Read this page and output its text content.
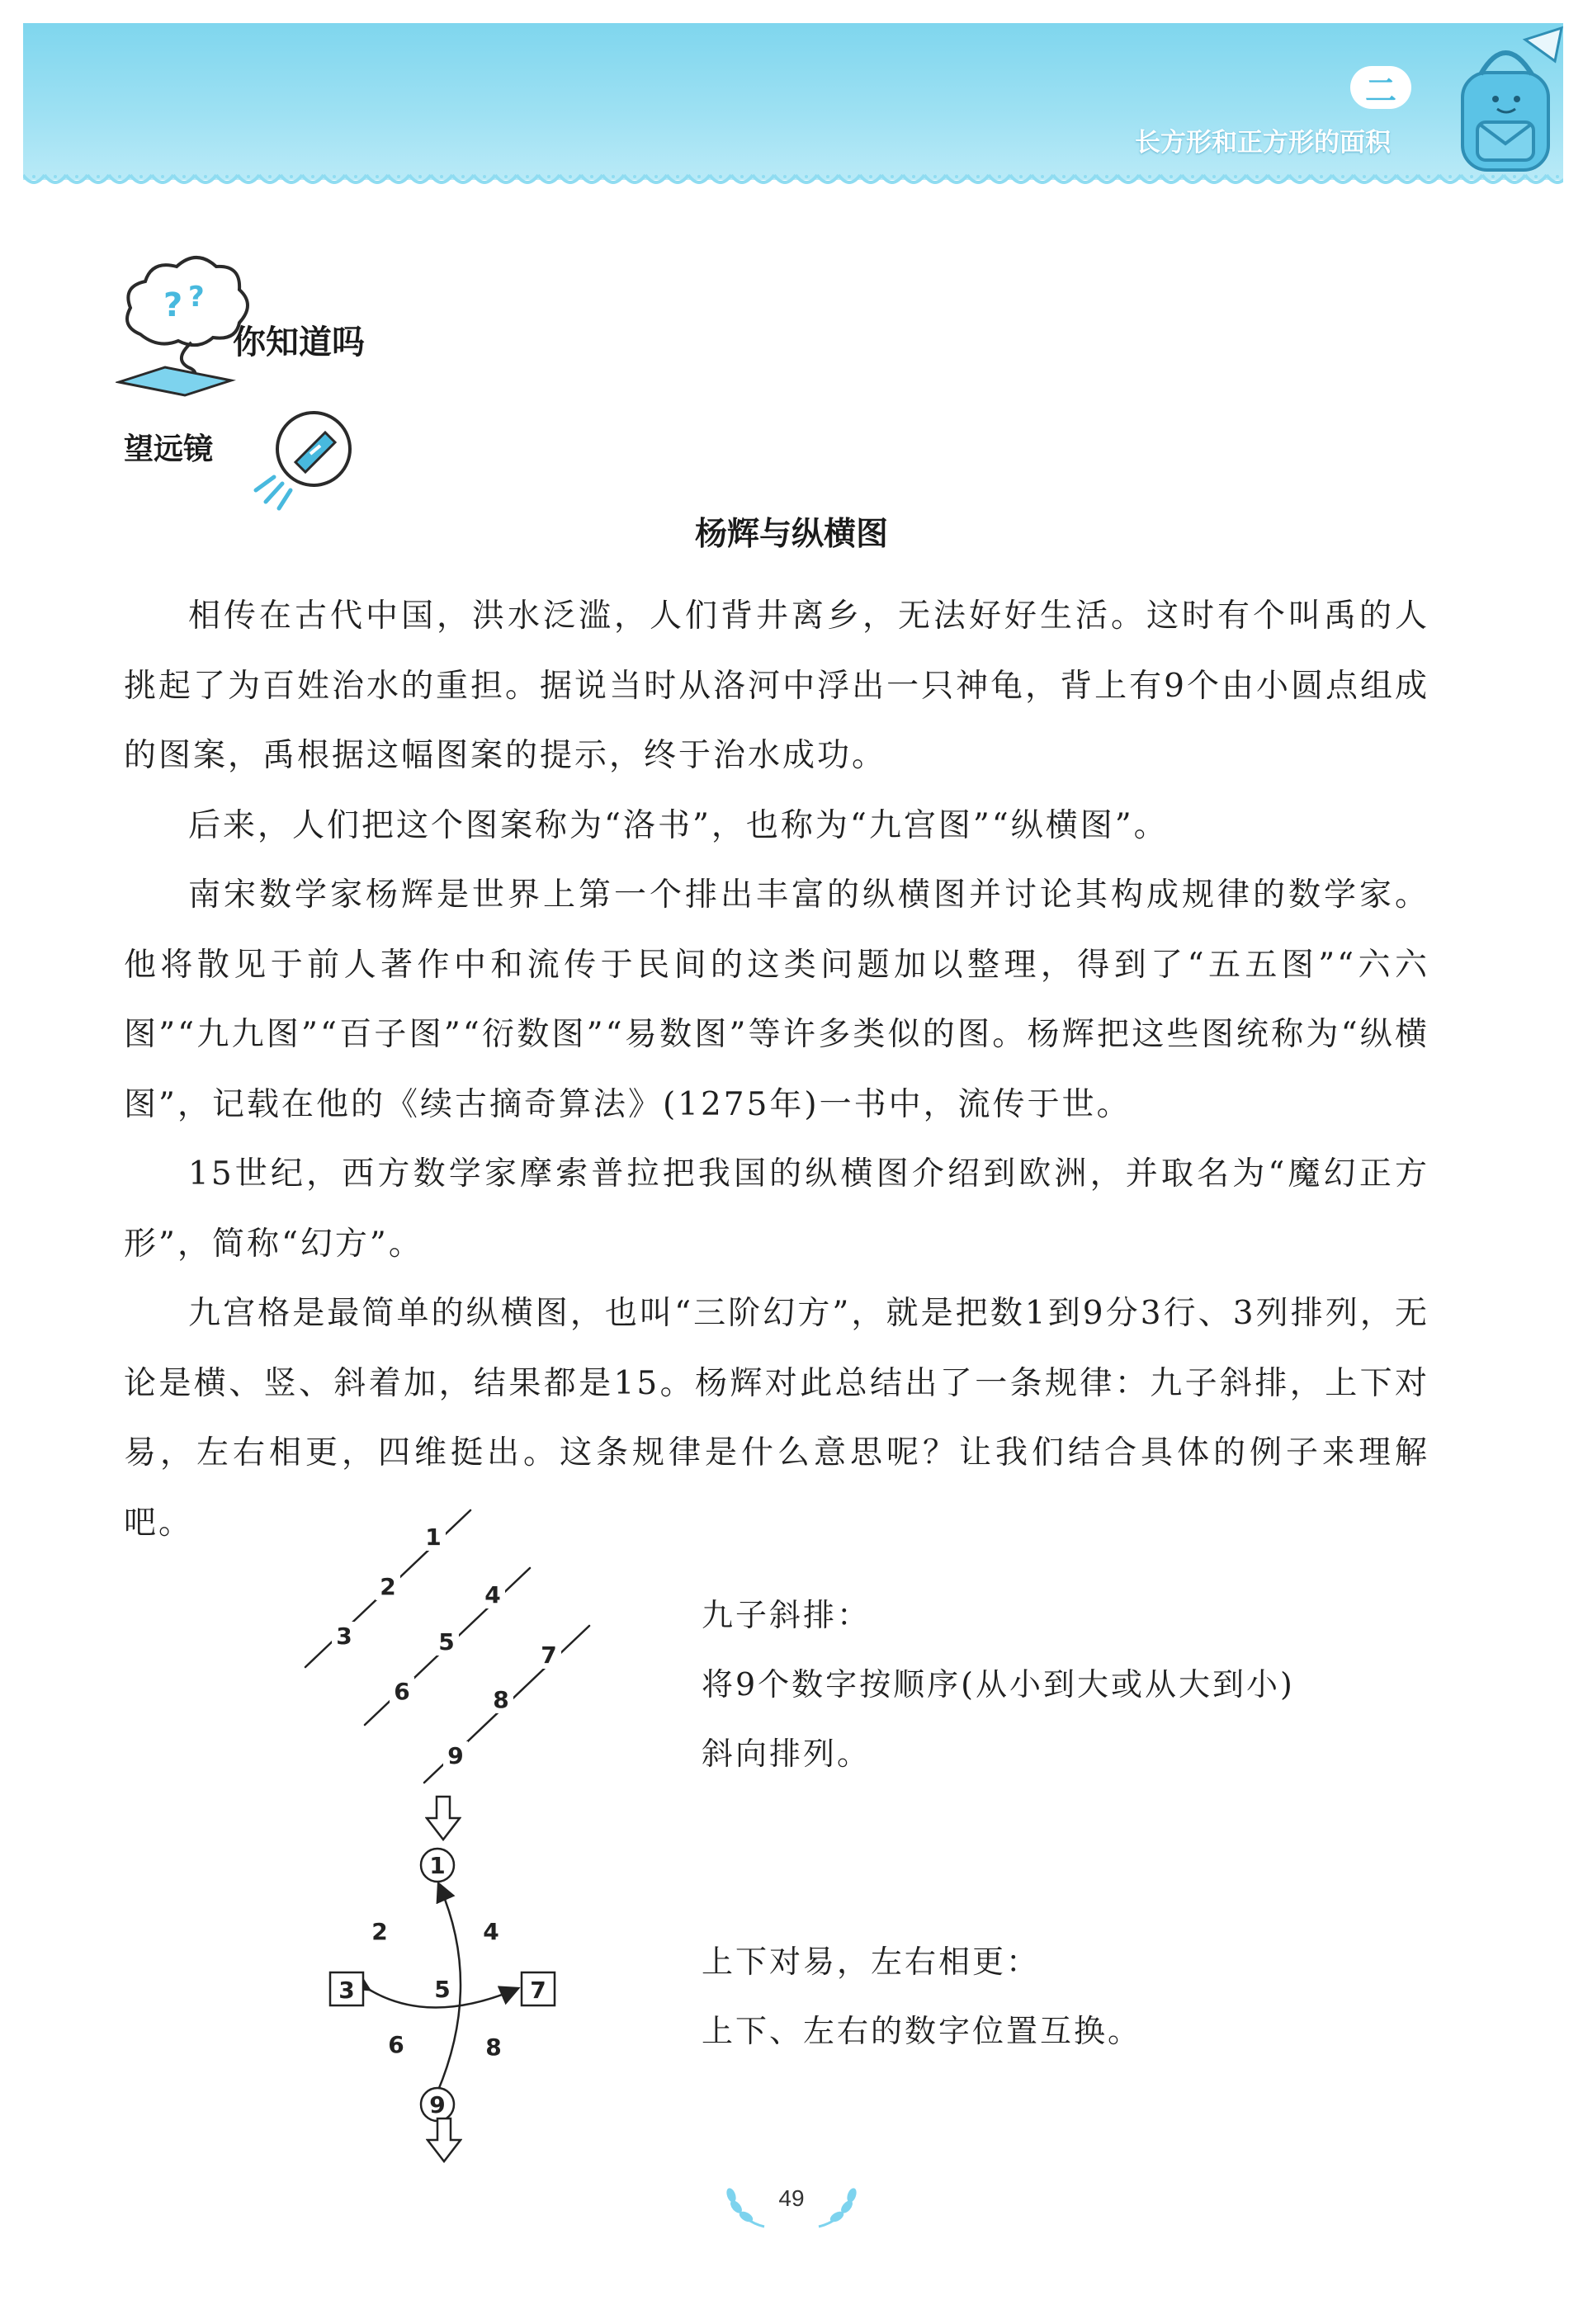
二
长方形和正方形的面积
? ?
你知道吗
望远镜
杨辉与纵横图

相传在古代中国，洪水泛滥，人们背井离乡，无法好好生活。这时有个叫禹的人挑起了为百姓治水的重担。据说当时从洛河中浮出一只神龟，背上有9个由小圆点组成的图案，禹根据这幅图案的提示，终于治水成功。

后来，人们把这个图案称为“洛书”，也称为“九宫图”“纵横图”。

南宋数学家杨辉是世界上第一个排出丰富的纵横图并讨论其构成规律的数学家。他将散见于前人著作中和流传于民间的这类问题加以整理，得到了“五五图”“六六图”“九九图”“百子图”“衍数图”“易数图”等许多类似的图。杨辉把这些图统称为“纵横图”，记载在他的《续古摘奇算法》(1275年)一书中，流传于世。

15世纪，西方数学家摩索普拉把我国的纵横图介绍到欧洲，并取名为“魔幻正方形”，简称“幻方”。

九宫格是最简单的纵横图，也叫“三阶幻方”，就是把数1到9分3行、3列排列，无论是横、竖、斜着加，结果都是15。杨辉对此总结出了一条规律：九子斜排，上下对易，左右相更，四维挺出。这条规律是什么意思呢？让我们结合具体的例子来理解吧。	1
2
3
4
5
6
7
8
9
1
9
3	7
2	4
5
6	8

九子斜排：

将9个数字按顺序(从小到大或从大到小)

斜向排列。

上下对易，左右相更：

上下、左右的数字位置互换。

49
